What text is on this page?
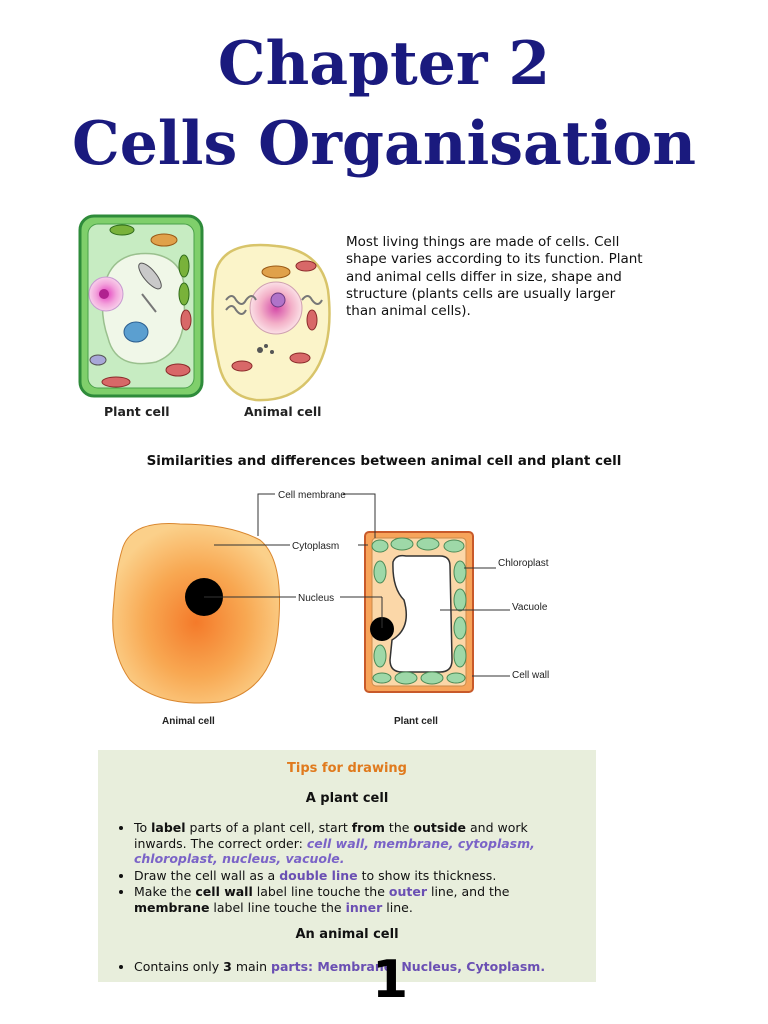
Chapter 2
Cells Organisation
Plant cell	Animal cell
Most living things are made of cells. Cell shape varies according to its function. Plant and animal cells differ in size, shape and structure (plants cells are usually larger than animal cells).
Similarities and differences between animal cell and plant cell
Cell membrane
Cytoplasm
Nucleus
Chloroplast
Vacuole
Cell wall
Animal cell	Plant cell
Tips for drawing
A plant cell
• To label parts of a plant cell, start from the outside and work inwards. The correct order: cell wall, membrane, cytoplasm, chloroplast, nucleus, vacuole.
• Draw the cell wall as a double line to show its thickness.
• Make the cell wall label line touche the outer line, and the membrane label line touche the inner line.
An animal cell
• Contains only 3 main parts: Membrane, Nucleus, Cytoplasm.
1
